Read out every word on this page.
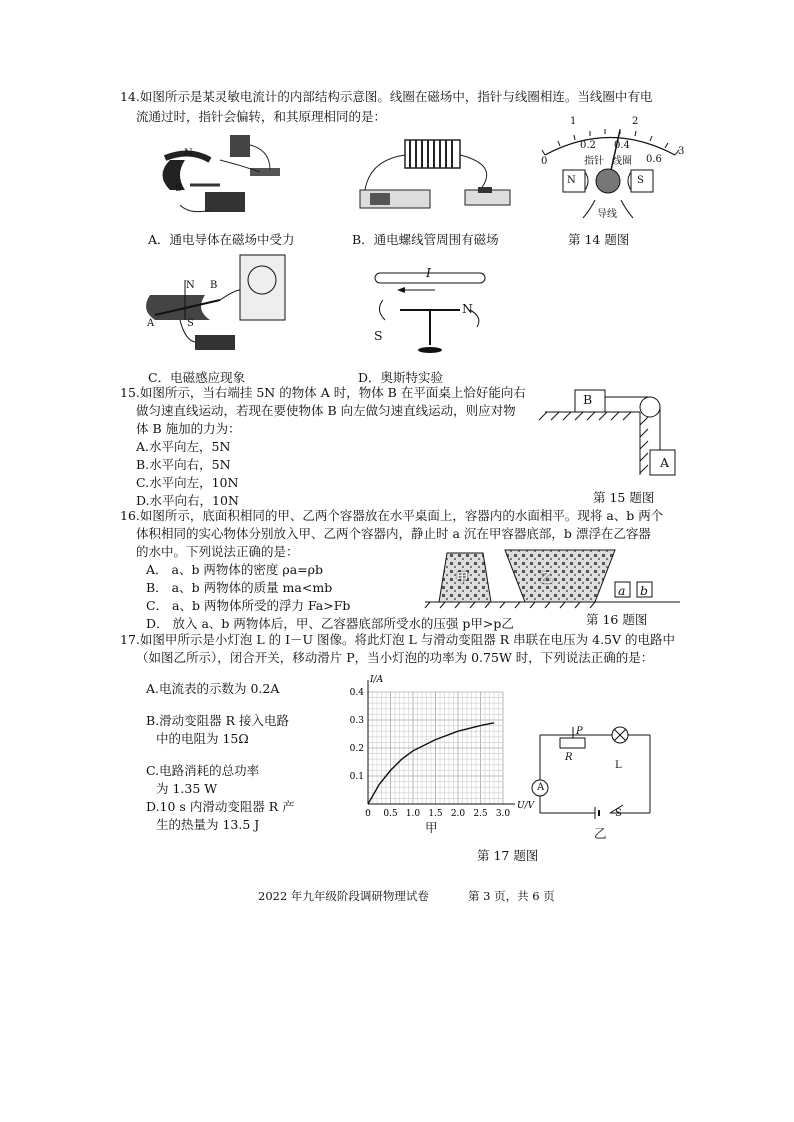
14.如图所示是某灵敏电流计的内部结构示意图。线圈在磁场中，指针与线圈相连。当线圈中有电
流通过时，指针会偏转，和其原理相同的是：
N
S
A．通电导体在磁场中受力	B．通电螺线管周围有磁场
1	2
0
3
0.2 0.4
0.6
指针 线圈
N	S
导线
第 14 题图
N B
A	S
C．电磁感应现象
I
S
N
D．奥斯特实验
15.如图所示，当右端挂 5N 的物体 A 时，物体 B 在平面桌上恰好能向右
做匀速直线运动，若现在要使物体 B 向左做匀速直线运动，则应对物
体 B 施加的力为：
A.水平向左，5N
B.水平向右，5N
C.水平向左，10N
D.水平向右，10N
B
A
第 15 题图
16.如图所示，底面积相同的甲、乙两个容器放在水平桌面上，容器内的水面相平。现将 a、b 两个
体积相同的实心物体分别放入甲、乙两个容器内，静止时 a 沉在甲容器底部，b 漂浮在乙容器
的水中。下列说法正确的是：
A． a、b 两物体的密度 ρa=ρb
B． a、b 两物体的质量 ma<mb
C． a、b 两物体所受的浮力 Fa>Fb
D． 放入 a、b 两物体后，甲、乙容器底部所受水的压强 p甲>p乙
甲	乙
a b
第 16 题图
17.如图甲所示是小灯泡 L 的 I－U 图像。将此灯泡 L 与滑动变阻器 R 串联在电压为 4.5V 的电路中
（如图乙所示），闭合开关，移动滑片 P，当小灯泡的功率为 0.75W 时，下列说法正确的是：
A.电流表的示数为 0.2A
B.滑动变阻器 R 接入电路
中的电阻为 15Ω
C.电路消耗的总功率
为 1.35 W
D.10 s 内滑动变阻器 R 产
生的热量为 13.5 J
0 0.5 1.0 1.5 2.0 2.5 3.0
0.1
0.2
0.3
0.4
U/V
I/A
甲
P
R
L
A
S
乙
第 17 题图
2022 年九年级阶段调研物理试卷	第 3 页，共 6 页
